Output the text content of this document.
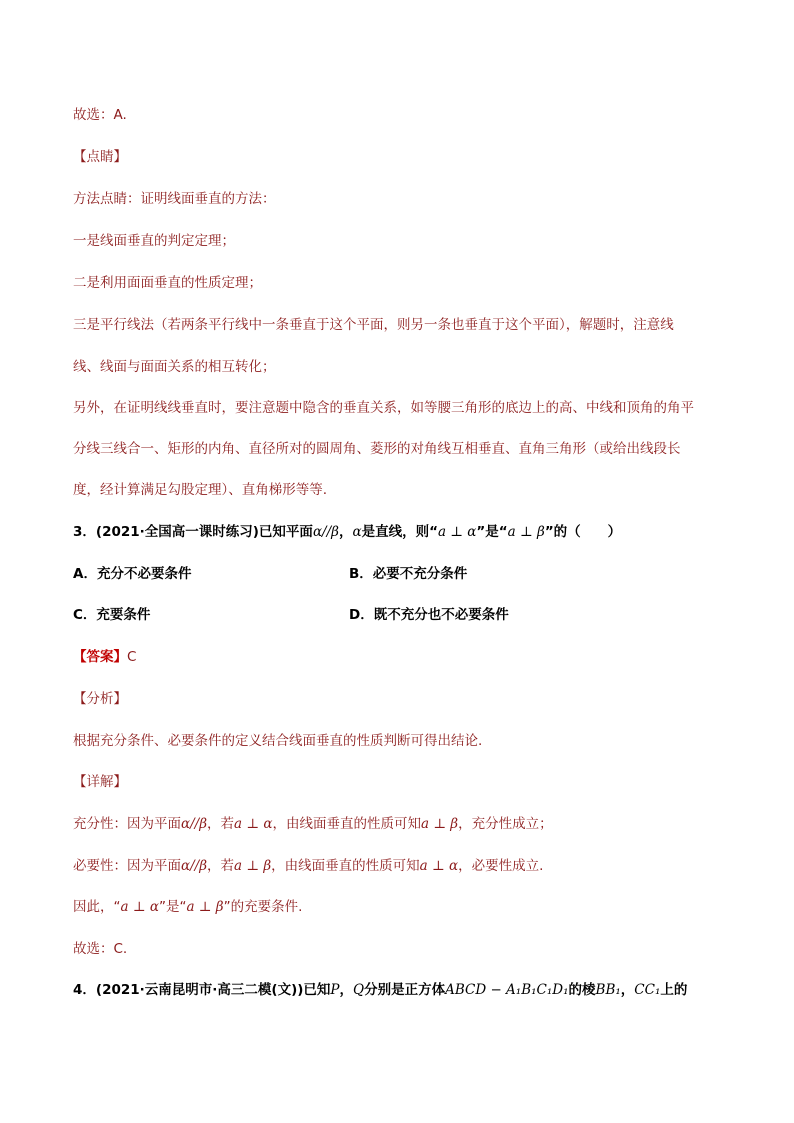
故选：A.
【点睛】
方法点睛：证明线面垂直的方法：
一是线面垂直的判定定理；
二是利用面面垂直的性质定理；
三是平行线法（若两条平行线中一条垂直于这个平面，则另一条也垂直于这个平面），解题时，注意线
线、线面与面面关系的相互转化；
另外，在证明线线垂直时，要注意题中隐含的垂直关系，如等腰三角形的底边上的高、中线和顶角的角平
分线三线合一、矩形的内角、直径所对的圆周角、菱形的对角线互相垂直、直角三角形（或给出线段长
度，经计算满足勾股定理）、直角梯形等等.
3．(2021·全国高一课时练习)已知平面α//β，α是直线，则“a ⊥ α”是“a ⊥ β”的（　　）
A．充分不必要条件	B．必要不充分条件
C．充要条件	D．既不充分也不必要条件
【答案】C
【分析】
根据充分条件、必要条件的定义结合线面垂直的性质判断可得出结论.
【详解】
充分性：因为平面α//β，若a ⊥ α，由线面垂直的性质可知a ⊥ β，充分性成立；
必要性：因为平面α//β，若a ⊥ β，由线面垂直的性质可知a ⊥ α，必要性成立.
因此，“a ⊥ α”是“a ⊥ β”的充要条件.
故选：C.
4．(2021·云南昆明市·高三二模(文))已知P，Q分别是正方体ABCD − A₁B₁C₁D₁的棱BB₁，CC₁上的
